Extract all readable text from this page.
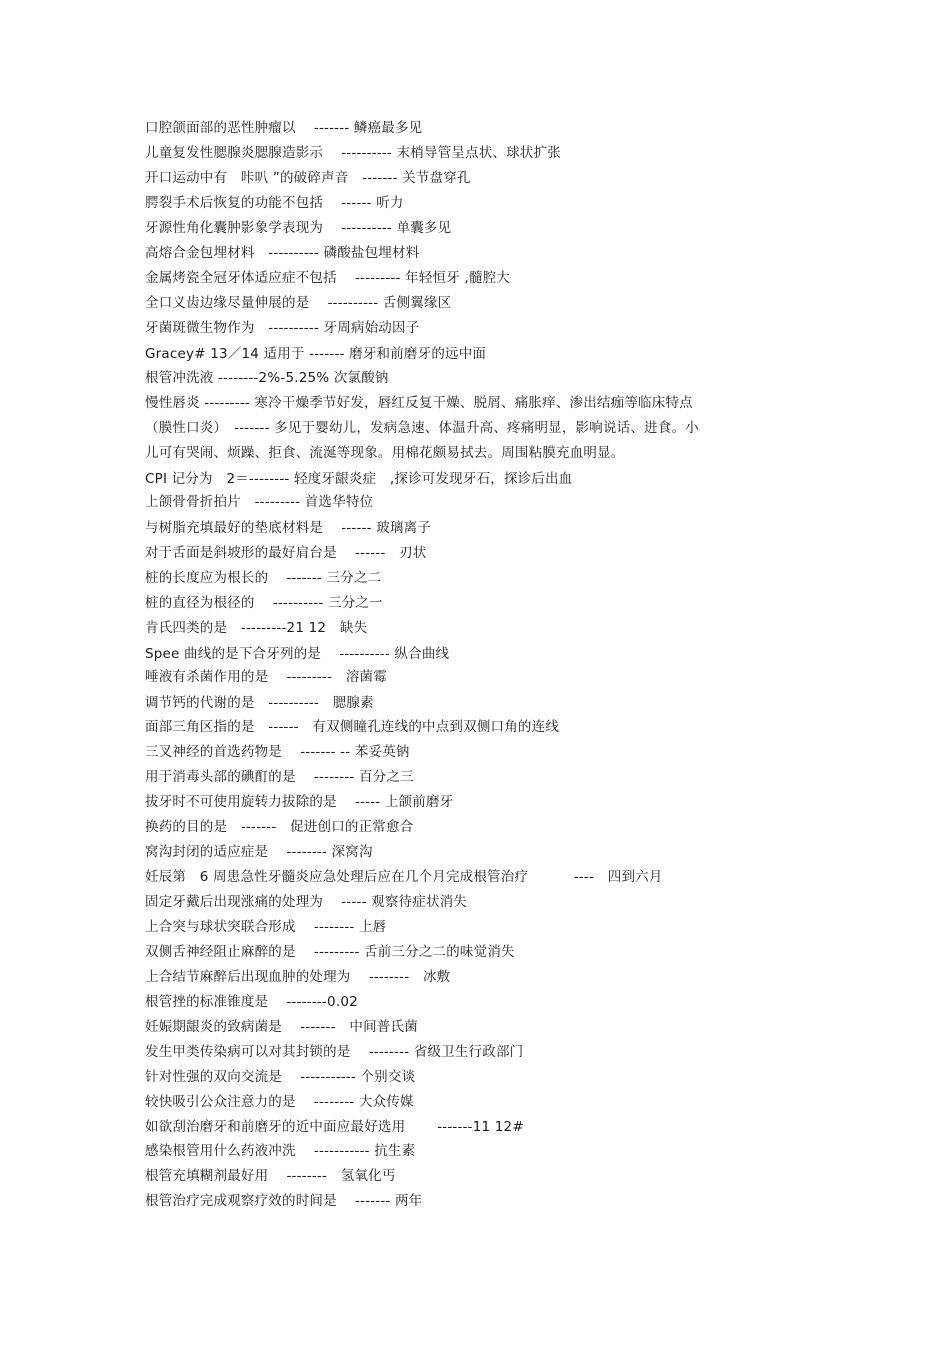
口腔颌面部的恶性肿瘤以　 ------- 鳞癌最多见
儿童复发性腮腺炎腮腺造影示　 ---------- 末梢导管呈点状、球状扩张
开口运动中有　咔叭 ”的破碎声音　------- 关节盘穿孔
腭裂手术后恢复的功能不包括　 ------ 听力
牙源性角化囊肿影象学表现为　 ---------- 单囊多见
高熔合金包埋材料　---------- 磷酸盐包埋材料
金属烤瓷全冠牙体适应症不包括　 --------- 年轻恒牙 ,髓腔大
全口义齿边缘尽量伸展的是　 ---------- 舌侧翼缘区
牙菌斑微生物作为　---------- 牙周病始动因子
Gracey# 13／14 适用于 ------- 磨牙和前磨牙的远中面
根管冲洗液 --------2%-5.25% 次氯酸钠
慢性唇炎 --------- 寒冷干燥季节好发，唇红反复干燥、脱屑、痛胀痒、渗出结痂等临床特点
（膜性口炎）　------- 多见于婴幼儿，发病急速、体温升高、疼痛明显，影响说话、进食。小
儿可有哭闹、烦躁、拒食、流涎等现象。用棉花颇易拭去。周围粘膜充血明显。
CPI 记分为　2＝-------- 轻度牙龈炎症　,探诊可发现牙石，探诊后出血
上颌骨骨折拍片　--------- 首选华特位
与树脂充填最好的垫底材料是　 ------ 玻璃离子
对于舌面是斜坡形的最好肩台是　 ------　刃状
桩的长度应为根长的　 ------- 三分之二
桩的直径为根径的　 ---------- 三分之一
肯氏四类的是　---------21 12　缺失
Spee 曲线的是下合牙列的是　 ---------- 纵合曲线
唾液有杀菌作用的是　 ---------　溶菌霉
调节钙的代谢的是　----------　腮腺素
面部三角区指的是　------　有双侧瞳孔连线的中点到双侧口角的连线
三叉神经的首选药物是　 ------- -- 苯妥英钠
用于消毒头部的碘酊的是　 -------- 百分之三
拔牙时不可使用旋转力拔除的是　 ----- 上颌前磨牙
换药的目的是　-------　促进创口的正常愈合
窝沟封闭的适应症是　 -------- 深窝沟
妊辰第　6 周患急性牙髓炎应急处理后应在几个月完成根管治疗　　　 ----　四到六月
固定牙戴后出现涨痛的处理为　 ----- 观察待症状消失
上合突与球状突联合形成　 -------- 上唇
双侧舌神经阻止麻醉的是　 --------- 舌前三分之二的味觉消失
上合结节麻醉后出现血肿的处理为　 --------　冰敷
根管挫的标准锥度是　 --------0.02
妊娠期龈炎的致病菌是　 -------　中间普氏菌
发生甲类传染病可以对其封锁的是　 -------- 省级卫生行政部门
针对性强的双向交流是　 ----------- 个别交谈
较快吸引公众注意力的是　 -------- 大众传媒
如欲刮治磨牙和前磨牙的近中面应最好选用　　 -------11 12#
感染根管用什么药液冲洗　 ----------- 抗生素
根管充填糊剂最好用　 --------　氢氧化丐
根管治疗完成观察疗效的时间是　 ------- 两年
